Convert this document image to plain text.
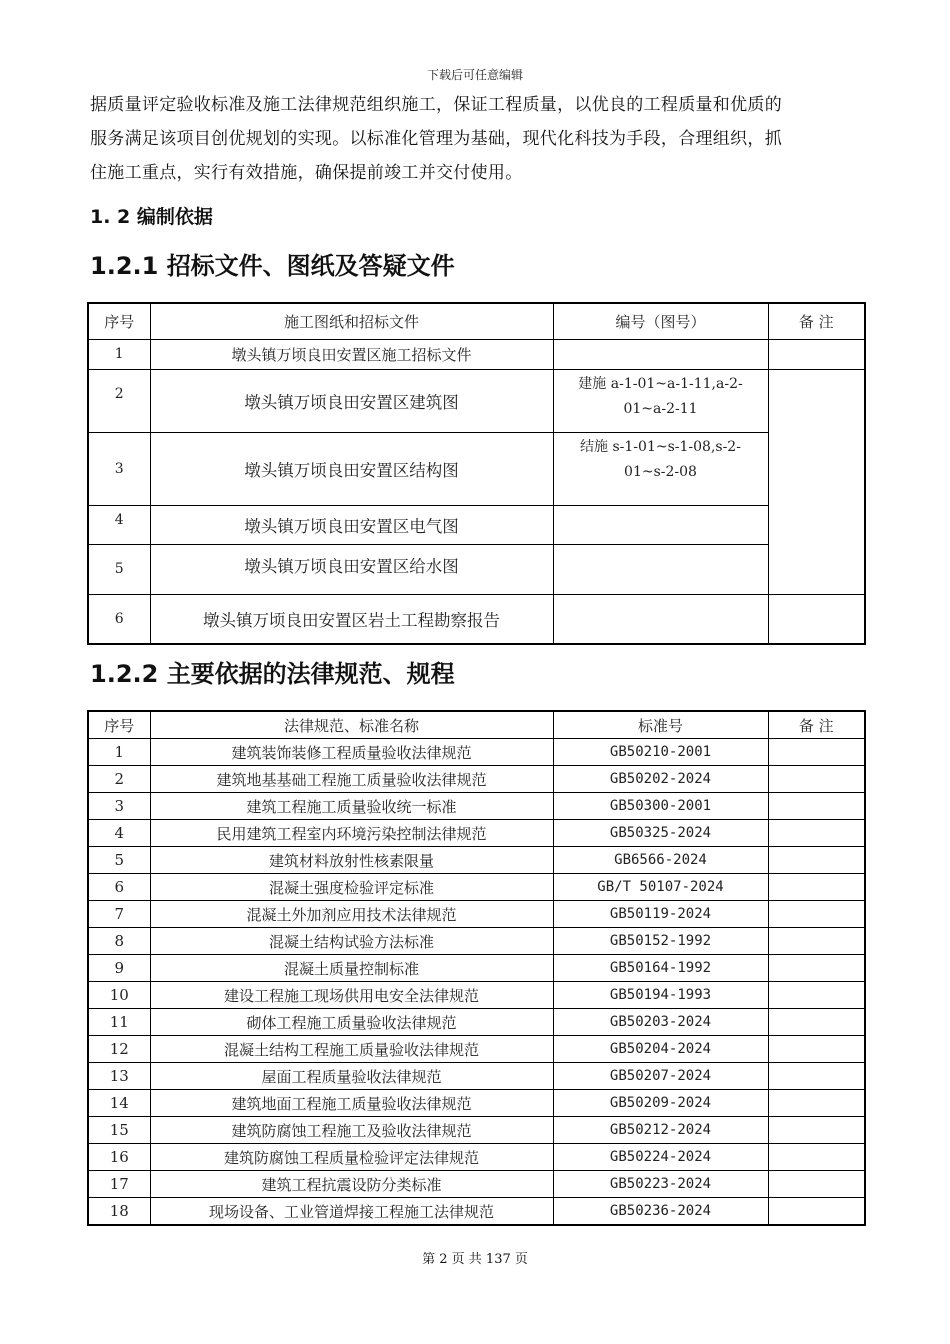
下载后可任意编辑

据质量评定验收标准及施工法律规范组织施工，保证工程质量，以优良的工程质量和优质的

服务满足该项目创优规划的实现。以标准化管理为基础，现代化科技为手段，合理组织，抓

住施工重点，实行有效措施，确保提前竣工并交付使用。

1. 2 编制依据
1.2.1 招标文件、图纸及答疑文件
序号	施工图纸和招标文件	编号（图号）	备 注
1	墩头镇万顷良田安置区施工招标文件		
2	墩头镇万顷良田安置区建筑图	建施 a-1-01~a-1-11,a-2-
01~a-2-11	

3	墩头镇万顷良田安置区结构图	结施 s-1-01~s-1-08,s-2-
01~s-2-08	

4	墩头镇万顷良田安置区电气图		
5	墩头镇万顷良田安置区给水图		
6	墩头镇万顷良田安置区岩土工程勘察报告		
1.2.2 主要依据的法律规范、规程
序号	法律规范、标准名称	标准号	备 注
1	建筑装饰装修工程质量验收法律规范	GB50210-2001	
2	建筑地基基础工程施工质量验收法律规范	GB50202-2024	
3	建筑工程施工质量验收统一标准	GB50300-2001	
4	民用建筑工程室内环境污染控制法律规范	GB50325-2024	
5	建筑材料放射性核素限量	GB6566-2024	
6	混凝土强度检验评定标准	GB/T 50107-2024	
7	混凝土外加剂应用技术法律规范	GB50119-2024	
8	混凝土结构试验方法标准	GB50152-1992	
9	混凝土质量控制标准	GB50164-1992	
10	建设工程施工现场供用电安全法律规范	GB50194-1993	
11	砌体工程施工质量验收法律规范	GB50203-2024	
12	混凝土结构工程施工质量验收法律规范	GB50204-2024	
13	屋面工程质量验收法律规范	GB50207-2024	
14	建筑地面工程施工质量验收法律规范	GB50209-2024	
15	建筑防腐蚀工程施工及验收法律规范	GB50212-2024	
16	建筑防腐蚀工程质量检验评定法律规范	GB50224-2024	
17	建筑工程抗震设防分类标准	GB50223-2024	
18	现场设备、工业管道焊接工程施工法律规范	GB50236-2024	
第 2 页 共 137 页
